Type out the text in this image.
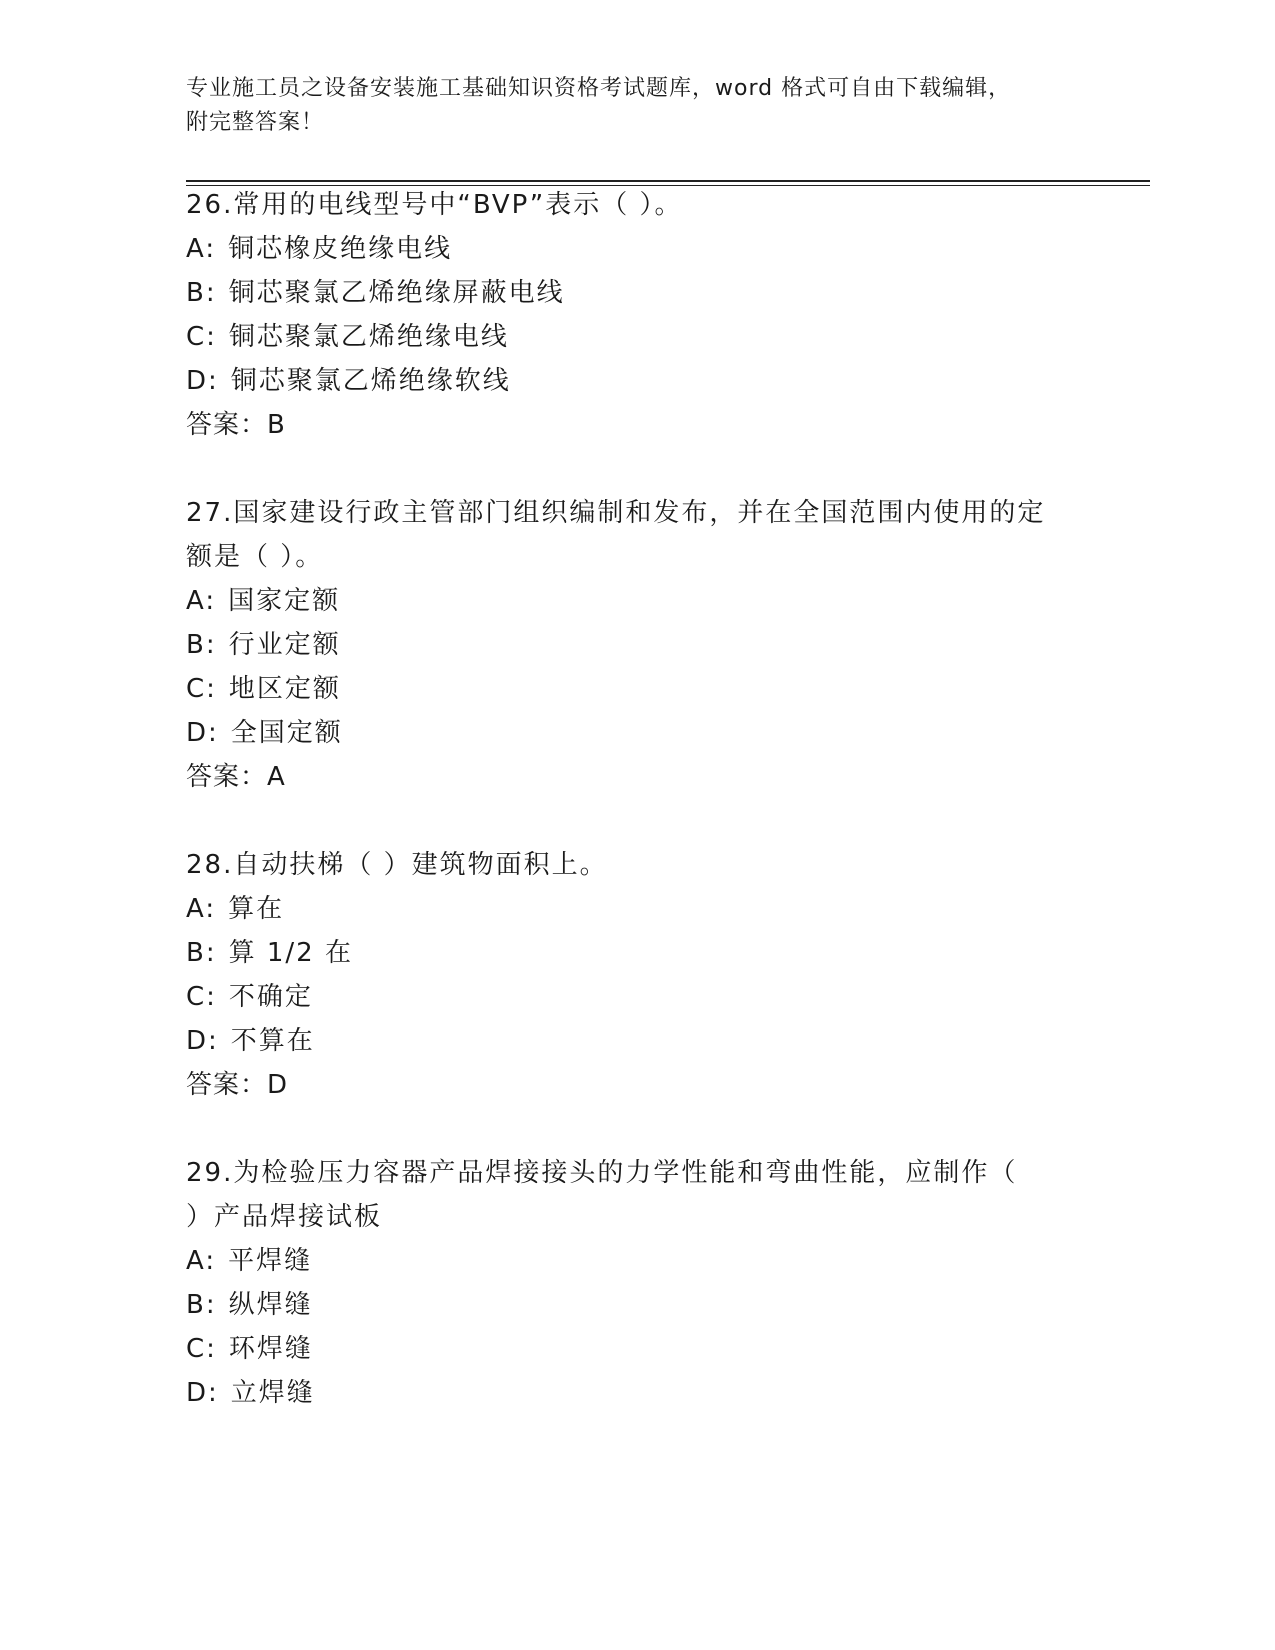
专业施工员之设备安装施工基础知识资格考试题库，word 格式可自由下载编辑，
附完整答案！
26.常用的电线型号中“BVP”表示（ ）。
A: 铜芯橡皮绝缘电线
B: 铜芯聚氯乙烯绝缘屏蔽电线
C: 铜芯聚氯乙烯绝缘电线
D: 铜芯聚氯乙烯绝缘软线
答案：B
27.国家建设行政主管部门组织编制和发布，并在全国范围内使用的定
额是（ ）。
A: 国家定额
B: 行业定额
C: 地区定额
D: 全国定额
答案：A
28.自动扶梯（ ）建筑物面积上。
A: 算在
B: 算 1/2 在
C: 不确定
D: 不算在
答案：D
29.为检验压力容器产品焊接接头的力学性能和弯曲性能，应制作（
）产品焊接试板
A: 平焊缝
B: 纵焊缝
C: 环焊缝
D: 立焊缝
